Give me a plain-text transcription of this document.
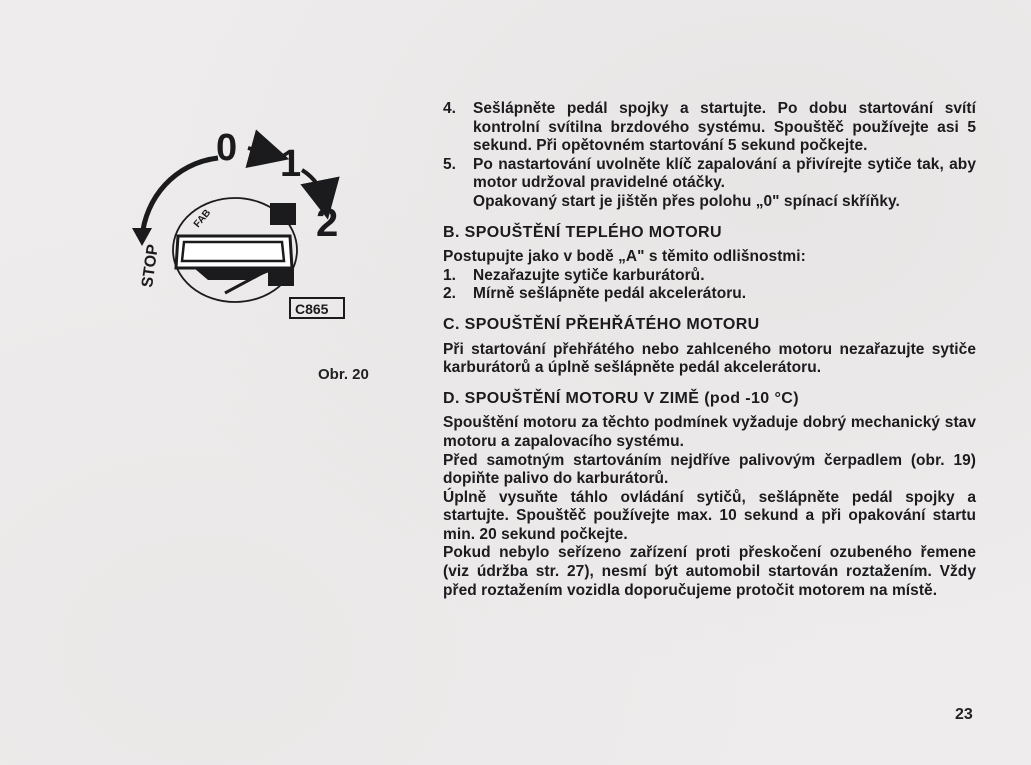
0 1
2
STOP
FAB
C865
Obr. 20
4.	Sešlápněte pedál spojky a startujte. Po dobu startování svítí kontrolní svítilna brzdového systému. Spouštěč používejte asi 5 sekund. Při opětovném startování 5 sekund počkejte.
5.	Po nastartování uvolněte klíč zapalování a přivírejte sytiče tak, aby motor udržoval pravidelné otáčky.

Opakovaný start je jištěn přes polohu „0" spínací skříňky.

B. SPOUŠTĚNÍ TEPLÉHO MOTORU

Postupujte jako v bodě „A" s těmito odlišnostmi:

1.	Nezařazujte sytiče karburátorů.
2.	Mírně sešlápněte pedál akcelerátoru.
C. SPOUŠTĚNÍ PŘEHŘÁTÉHO MOTORU

Při startování přehřátého nebo zahlceného motoru nezařazujte sytiče karburátorů a úplně sešlápněte pedál akcelerátoru.

D. SPOUŠTĚNÍ MOTORU V ZIMĚ (pod -10 °C)

Spouštění motoru za těchto podmínek vyžaduje dobrý mechanický stav motoru a zapalovacího systému.

Před samotným startováním nejdříve palivovým čerpadlem (obr. 19) dopiňte palivo do karburátorů.

Úplně vysuňte táhlo ovládání sytičů, sešlápněte pedál spojky a startujte. Spouštěč používejte max. 10 sekund a při opakování startu min. 20 sekund počkejte.

Pokud nebylo seřízeno zařízení proti přeskočení ozubeného řemene (viz údržba str. 27), nesmí být automobil startován roztažením. Vždy před roztažením vozidla doporučujeme protočit motorem na místě.

23
